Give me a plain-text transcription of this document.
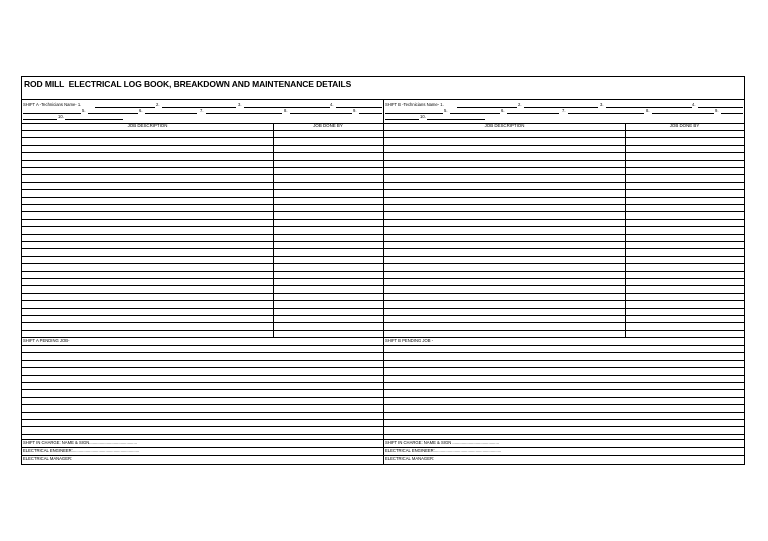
ROD MILL  ELECTRICAL LOG BOOK, BREAKDOWN AND MAINTENANCE DETAILS
SHIFT A -Technicians Name- 1.	2.	3.	4.
5.	6.	7.	8.	9.
10.
SHIFT B -Technicians Name- 1.	2.	3.	4.
5.	6.	7.	8.	9.
10.
JOB DESCRIPTION	JOB DONE BY	JOB DESCRIPTION	JOB DONE BY
SHIFT A PENDING JOB-	SHIFT B PENDING JOB -
SHIFT IN CHARGE: NAME & SIGN.........................................	SHIFT IN CHARGE: NAME & SIGN ........................................
ELECTRICAL ENGINEER:.........................................................	ELECTRICAL ENGINEER:.........................................................
ELECTRICAL MANAGER:	ELECTRICAL MANAGER:
